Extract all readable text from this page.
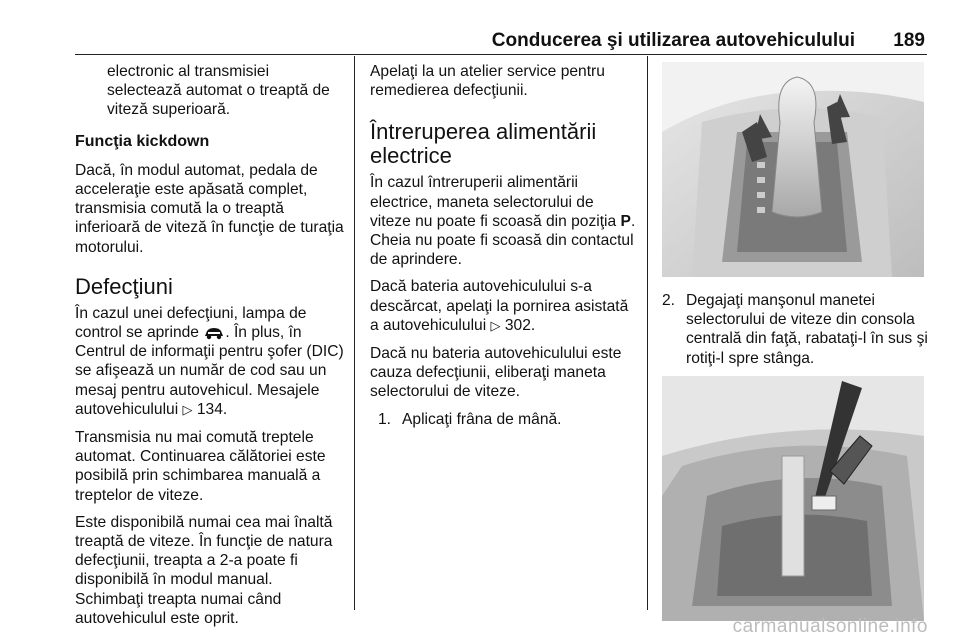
Conducerea şi utilizarea autovehiculului 189

electronic al transmisiei selectează automat o treaptă de viteză superioară.

Funcţia kickdown

Dacă, în modul automat, pedala de acceleraţie este apăsată complet, transmisia comută la o treaptă inferioară de viteză în funcţie de turaţia motorului.

Defecţiuni

În cazul unei defecţiuni, lampa de control se aprinde . În plus, în Centrul de informaţii pentru şofer (DIC) se afişează un număr de cod sau un mesaj pentru autovehicul. Mesajele autovehiculului ▷ 134.

Transmisia nu mai comută treptele automat. Continuarea călătoriei este posibilă prin schimbarea manuală a treptelor de viteze.

Este disponibilă numai cea mai înaltă treaptă de viteze. În funcţie de natura defecţiunii, treapta a 2-a poate fi disponibilă în modul manual. Schimbaţi treapta numai când autovehiculul este oprit.

Apelaţi la un atelier service pentru remedierea defecţiunii.

Întreruperea alimentării electrice

În cazul întreruperii alimentării electrice, maneta selectorului de viteze nu poate fi scoasă din poziţia P. Cheia nu poate fi scoasă din contactul de aprindere.

Dacă bateria autovehiculului s-a descărcat, apelaţi la pornirea asistată a autovehiculului ▷ 302.

Dacă nu bateria autovehiculului este cauza defecţiunii, eliberaţi maneta selectorului de viteze.

1. Aplicaţi frâna de mână.
2. Degajaţi manşonul manetei selectorului de viteze din consola centrală din faţă, rabataţi-l în sus şi rotiţi-l spre stânga.
carmanualsonline.info
